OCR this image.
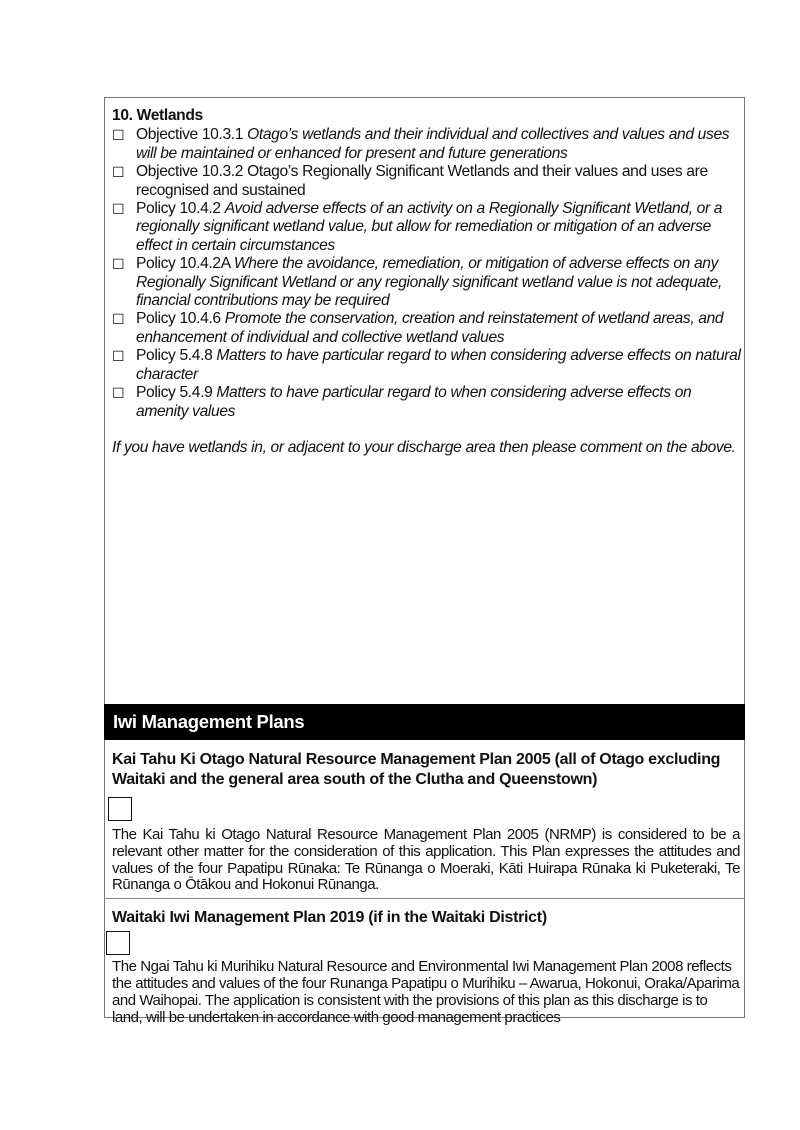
10. Wetlands
☐ Objective 10.3.1 Otago’s wetlands and their individual and collectives and values and uses will be maintained or enhanced for present and future generations
☐ Objective 10.3.2 Otago’s Regionally Significant Wetlands and their values and uses are recognised and sustained
☐ Policy 10.4.2 Avoid adverse effects of an activity on a Regionally Significant Wetland, or a regionally significant wetland value, but allow for remediation or mitigation of an adverse effect in certain circumstances
☐ Policy 10.4.2A Where the avoidance, remediation, or mitigation of adverse effects on any Regionally Significant Wetland or any regionally significant wetland value is not adequate, financial contributions may be required
☐ Policy 10.4.6 Promote the conservation, creation and reinstatement of wetland areas, and enhancement of individual and collective wetland values
☐ Policy 5.4.8 Matters to have particular regard to when considering adverse effects on natural character
☐ Policy 5.4.9 Matters to have particular regard to when considering adverse effects on amenity values
If you have wetlands in, or adjacent to your discharge area then please comment on the above.
Iwi Management Plans
Kai Tahu Ki Otago Natural Resource Management Plan 2005 (all of Otago excluding Waitaki and the general area south of the Clutha and Queenstown)
The Kai Tahu ki Otago Natural Resource Management Plan 2005 (NRMP) is considered to be a relevant other matter for the consideration of this application. This Plan expresses the attitudes and values of the four Papatipu Rūnaka: Te Rūnanga o Moeraki, Kāti Huirapa Rūnaka ki Puketeraki, Te Rūnanga o Ōtākou and Hokonui Rūnanga.
Waitaki Iwi Management Plan 2019 (if in the Waitaki District)
The Ngai Tahu ki Murihiku Natural Resource and Environmental Iwi Management Plan 2008 reflects the attitudes and values of the four Runanga Papatipu o Murihiku – Awarua, Hokonui, Oraka/Aparima and Waihopai. The application is consistent with the provisions of this plan as this discharge is to land, will be undertaken in accordance with good management practices
